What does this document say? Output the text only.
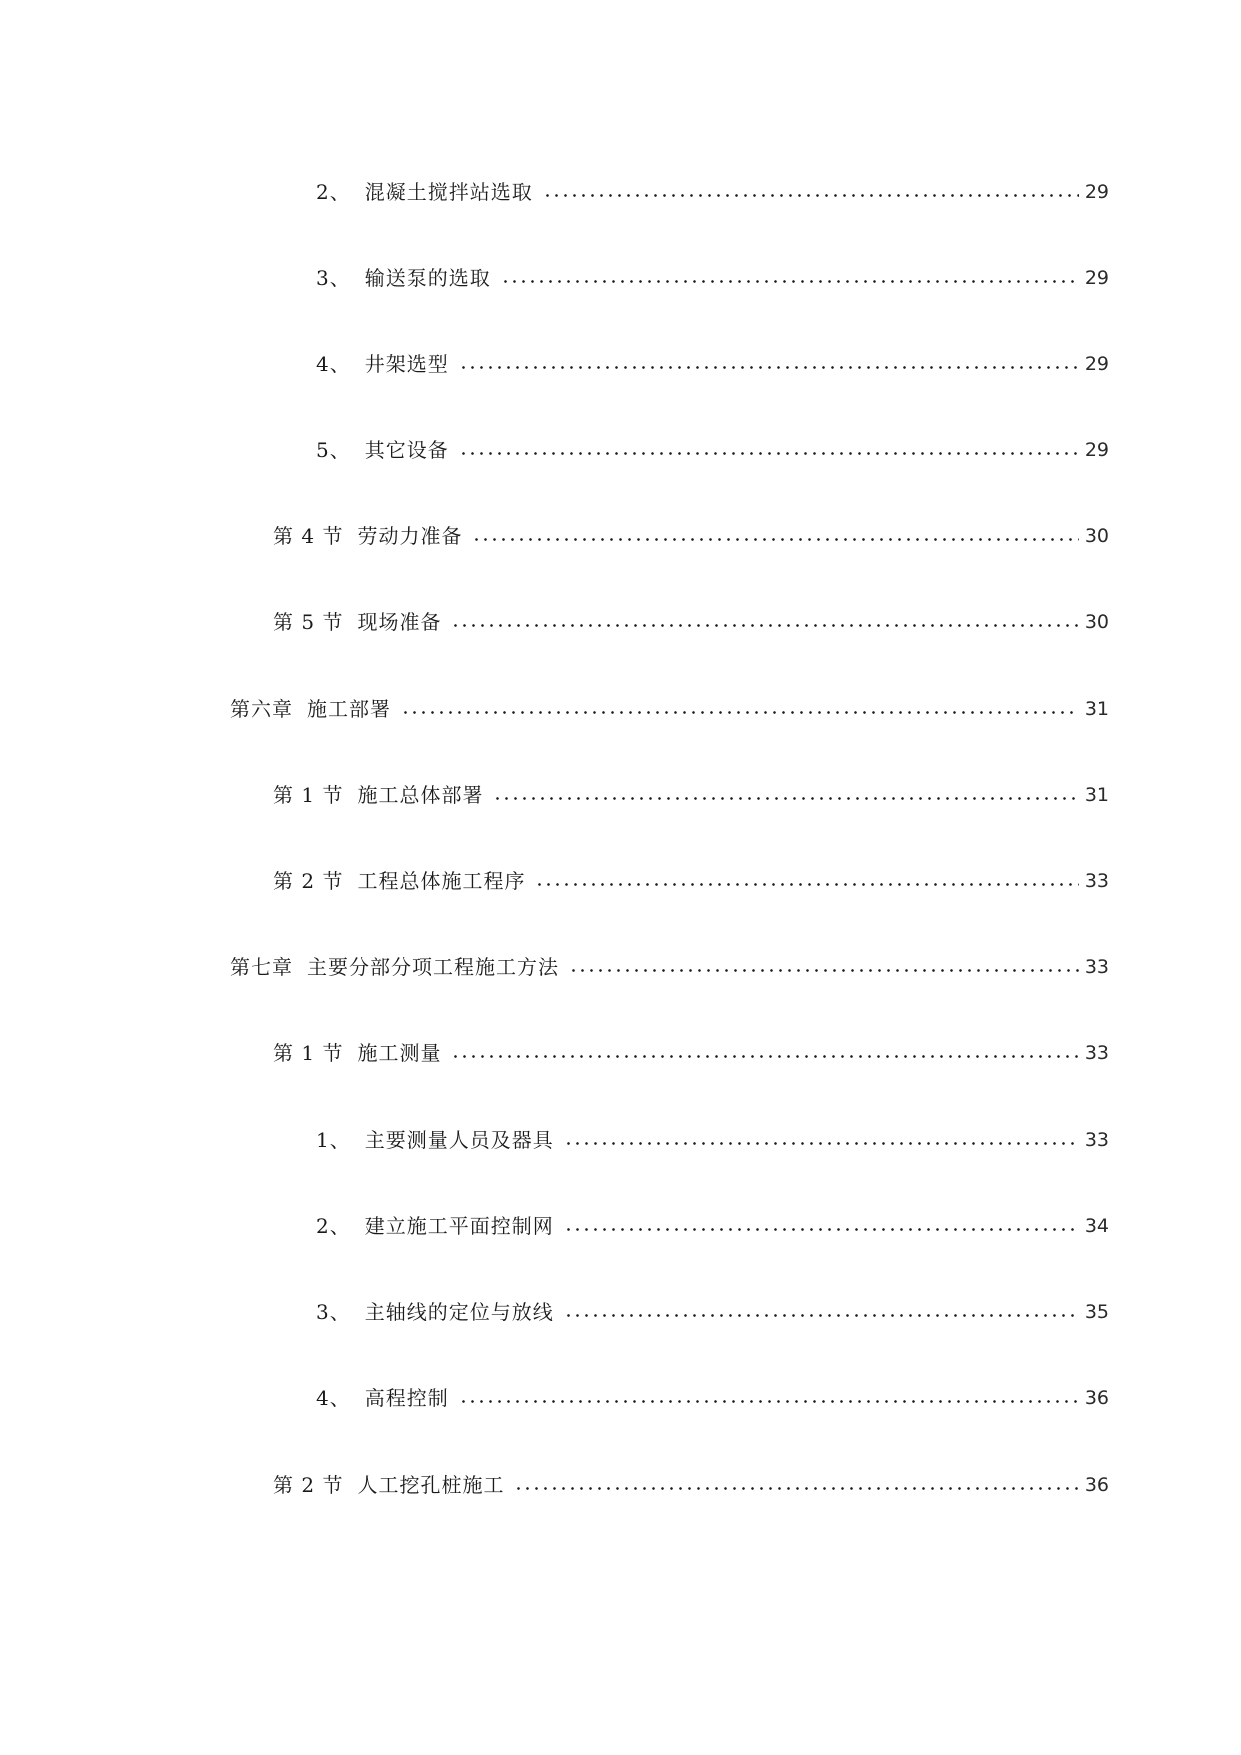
2、 混凝土搅拌站选取	29
3、 输送泵的选取	29
4、 井架选型	29
5、 其它设备	29
第 4 节 劳动力准备	30
第 5 节 现场准备	30
第六章 施工部署	31
第 1 节 施工总体部署	31
第 2 节 工程总体施工程序	33
第七章 主要分部分项工程施工方法	33
第 1 节 施工测量	33
1、 主要测量人员及器具	33
2、 建立施工平面控制网	34
3、 主轴线的定位与放线	35
4、 高程控制	36
第 2 节 人工挖孔桩施工	36
